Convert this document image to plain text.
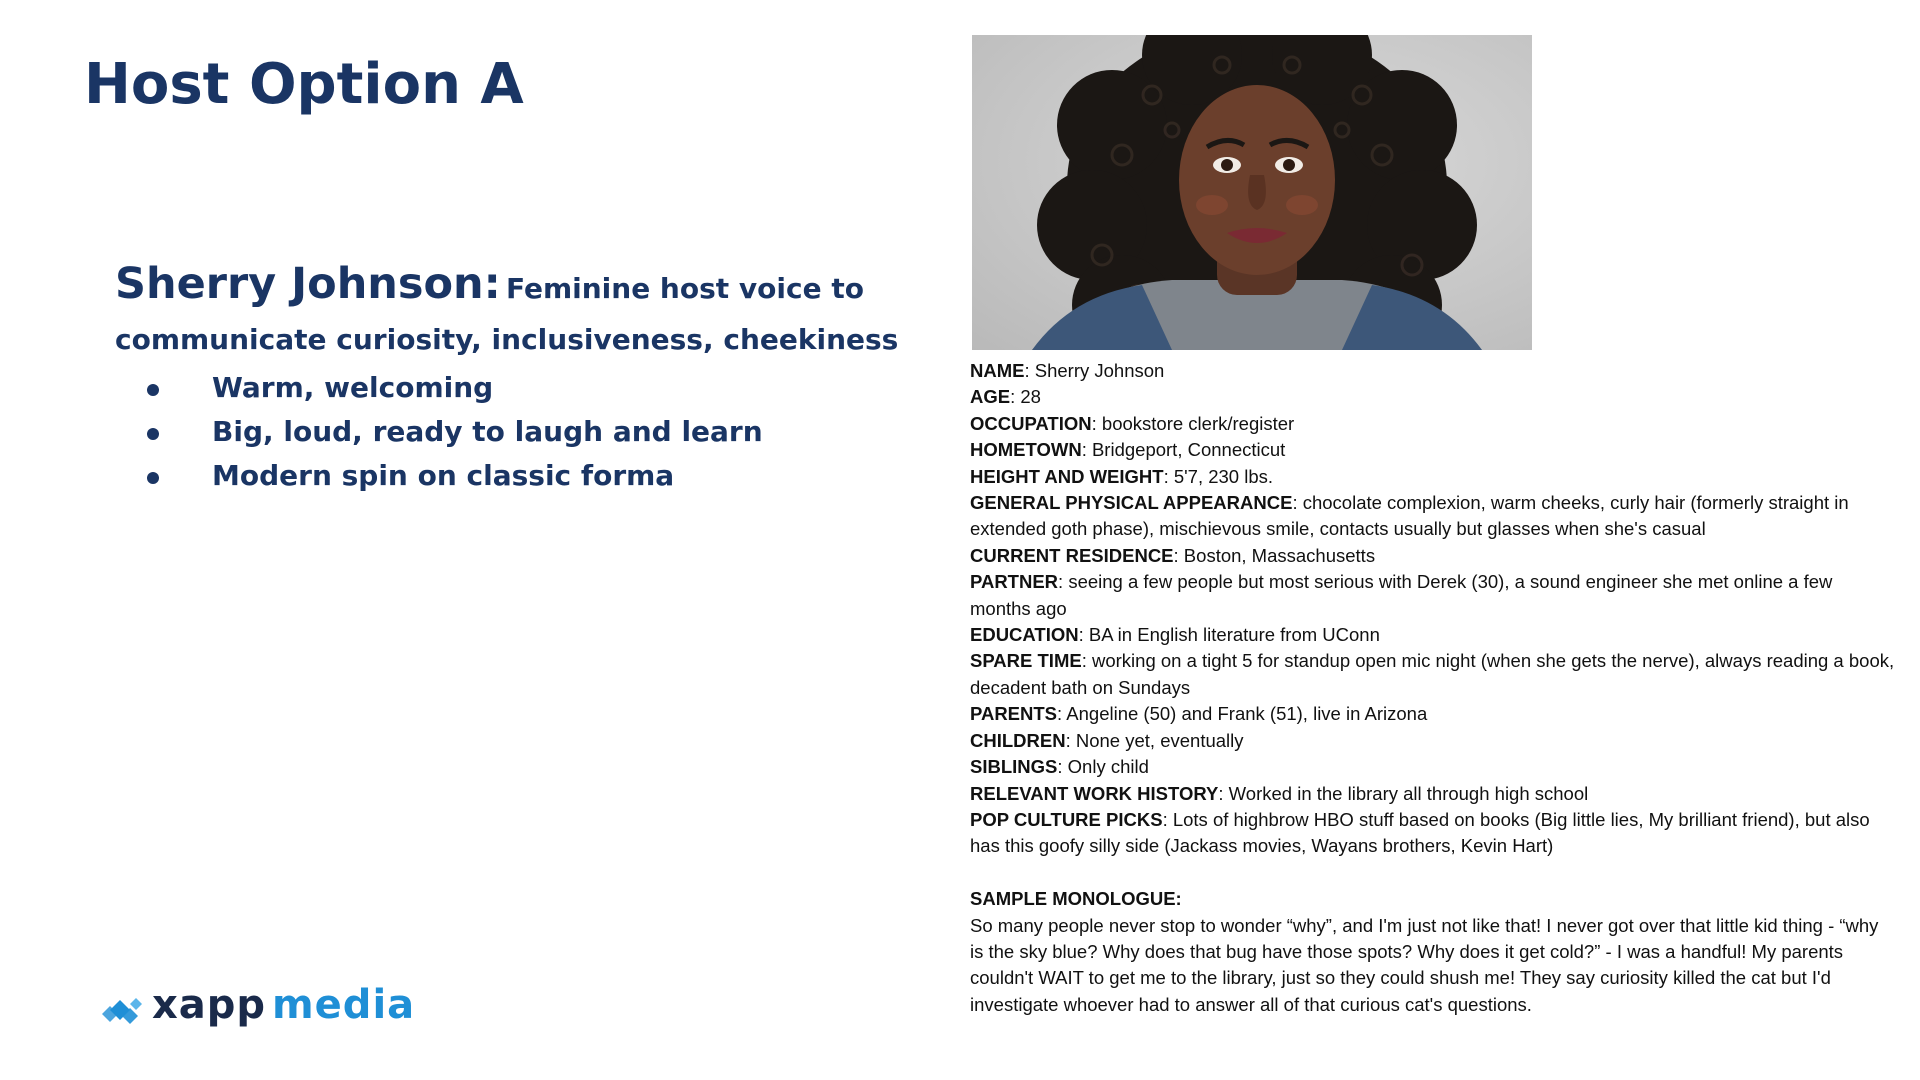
Host Option A
Sherry Johnson: Feminine host voice to
communicate curiosity, inclusiveness, cheekiness
Warm, welcoming
Big, loud, ready to laugh and learn
Modern spin on classic forma

NAME: Sherry Johnson

AGE: 28

OCCUPATION: bookstore clerk/register

HOMETOWN: Bridgeport, Connecticut

HEIGHT AND WEIGHT: 5'7, 230 lbs.

GENERAL PHYSICAL APPEARANCE: chocolate complexion, warm cheeks, curly hair (formerly straight in extended goth phase), mischievous smile, contacts usually but glasses when she's casual

CURRENT RESIDENCE: Boston, Massachusetts

PARTNER: seeing a few people but most serious with Derek (30), a sound engineer she met online a few months ago

EDUCATION: BA in English literature from UConn

SPARE TIME: working on a tight 5 for standup open mic night (when she gets the nerve), always reading a book, decadent bath on Sundays

PARENTS: Angeline (50) and Frank (51), live in Arizona

CHILDREN: None yet, eventually

SIBLINGS: Only child

RELEVANT WORK HISTORY: Worked in the library all through high school

POP CULTURE PICKS: Lots of highbrow HBO stuff based on books (Big little lies, My brilliant friend), but also has this goofy silly side (Jackass movies, Wayans brothers, Kevin Hart)

SAMPLE MONOLOGUE:

So many people never stop to wonder “why”, and I'm just not like that! I never got over that little kid thing - “why is the sky blue? Why does that bug have those spots? Why does it get cold?” - I was a handful! My parents couldn't WAIT to get me to the library, just so they could shush me! They say curiosity killed the cat but I'd investigate whoever had to answer all of that curious cat's questions.

xapp media
